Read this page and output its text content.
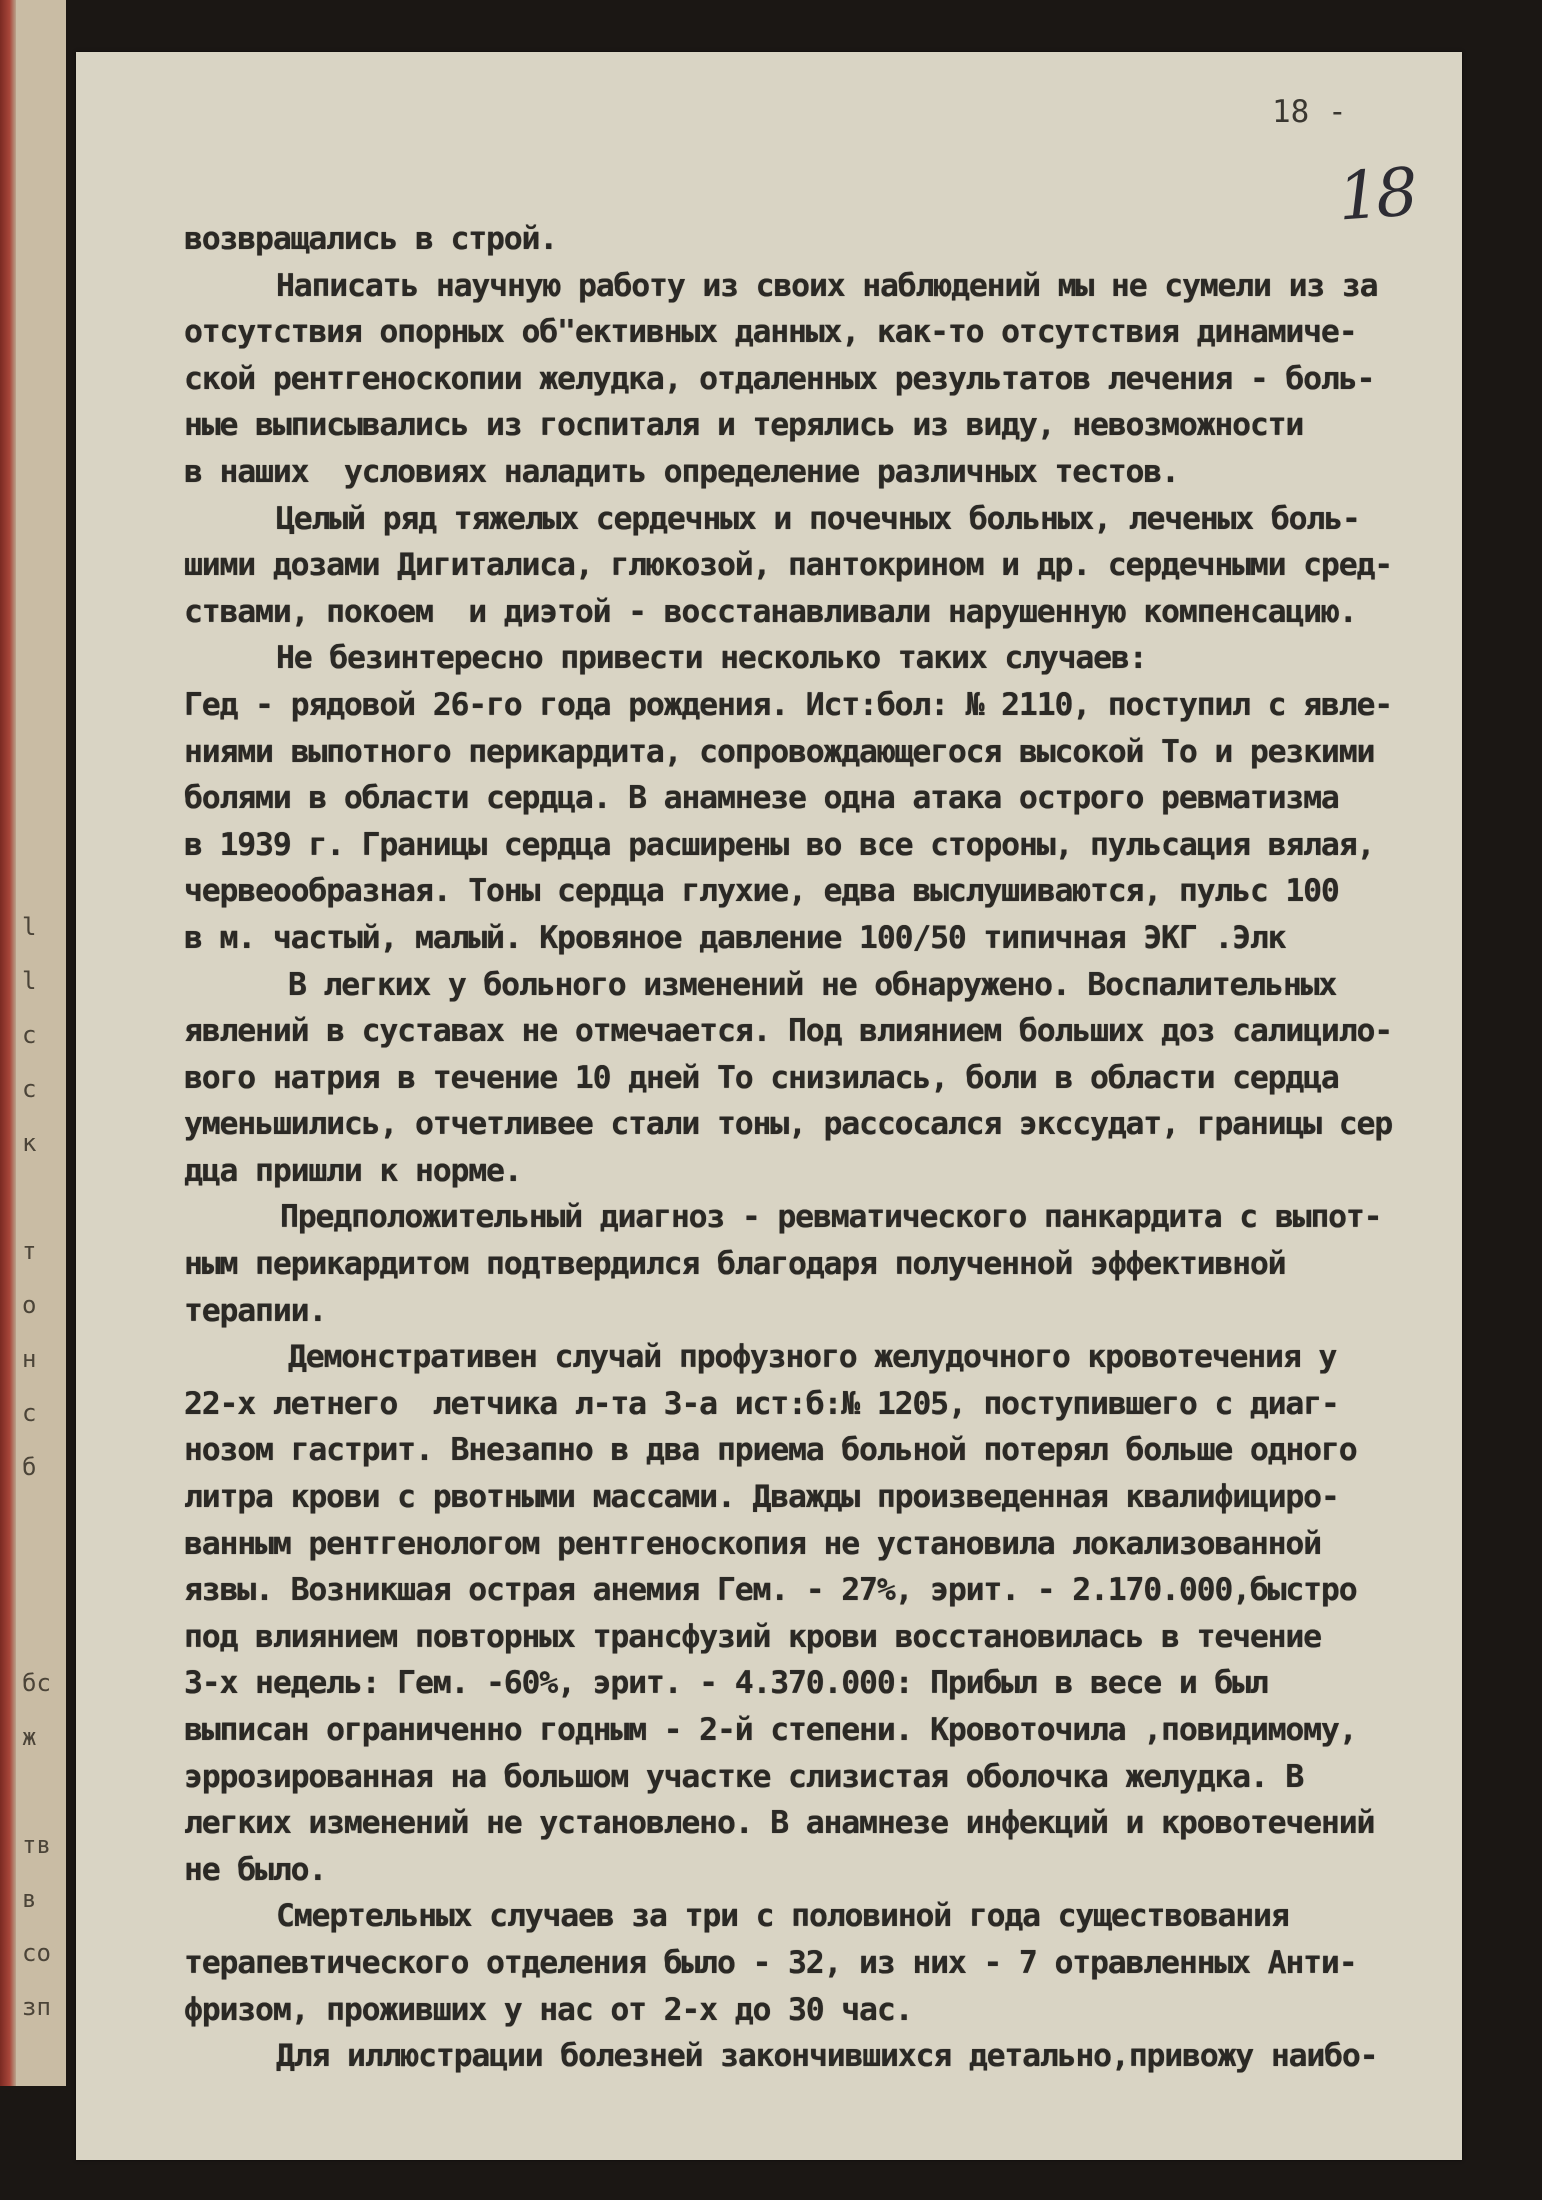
l
l
c
c
к

т
о
н
с
б

бс
ж

тв
в
со
зп
18 -
18
возвращались в строй.
Написать научную работу из своих наблюдений мы не сумели из за
отсутствия опорных об"ективных данных, как-то отсутствия динамиче-
ской рентгеноскопии желудка, отдаленных результатов лечения - боль-
ные выписывались из госпиталя и терялись из виду, невозможности
в наших  условиях наладить определение различных тестов.
Целый ряд тяжелых сердечных и почечных больных, леченых боль-
шими дозами Дигиталиса, глюкозой, пантокрином и др. сердечными сред-
ствами, покоем  и диэтой - восстанавливали нарушенную компенсацию.
Не безинтересно привести несколько таких случаев:
Гед - рядовой 26-го года рождения. Ист:бол: № 2110, поступил с явле-
ниями выпотного перикардита, сопровождающегося высокой То и резкими
болями в области сердца. В анамнезе одна атака острого ревматизма
в 1939 г. Границы сердца расширены во все стороны, пульсация вялая,
червеообразная. Тоны сердца глухие, едва выслушиваются, пульс 100
в м. частый, малый. Кровяное давление 100/50 типичная ЭКГ .Элк
В легких у больного изменений не обнаружено. Воспалительных
явлений в суставах не отмечается. Под влиянием больших доз салицило-
вого натрия в течение 10 дней То снизилась, боли в области сердца
уменьшились, отчетливее стали тоны, рассосался экссудат, границы сер
дца пришли к норме.
Предположительный диагноз - ревматического панкардита с выпот-
ным перикардитом подтвердился благодаря полученной эффективной
терапии.
Демонстративен случай профузного желудочного кровотечения у
22-х летнего  летчика л-та 3-а ист:б:№ 1205, поступившего с диаг-
нозом гастрит. Внезапно в два приема больной потерял больше одного
литра крови с рвотными массами. Дважды произведенная квалифициро-
ванным рентгенологом рентгеноскопия не установила локализованной
язвы. Возникшая острая анемия Гем. - 27%, эрит. - 2.170.000,быстро
под влиянием повторных трансфузий крови восстановилась в течение
3-х недель: Гем. -60%, эрит. - 4.370.000: Прибыл в весе и был
выписан ограниченно годным - 2-й степени. Кровоточила ,повидимому,
эррозированная на большом участке слизистая оболочка желудка. В
легких изменений не установлено. В анамнезе инфекций и кровотечений
не было.
Смертельных случаев за три с половиной года существования
терапевтического отделения было - 32, из них - 7 отравленных Анти-
фризом, проживших у нас от 2-х до 30 час.
Для иллюстрации болезней закончившихся детально,привожу наибо-
